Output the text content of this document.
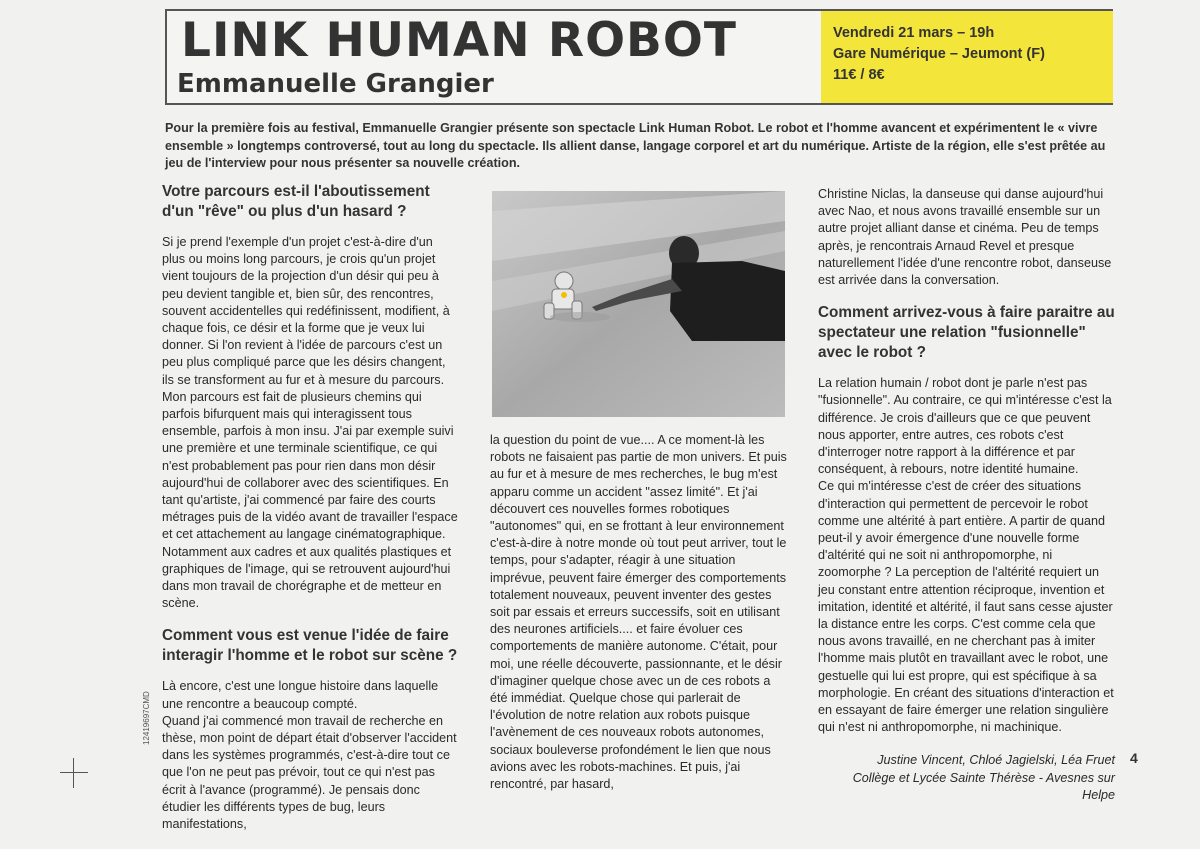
LINK HUMAN ROBOT
Emmanuelle Grangier
Vendredi 21 mars – 19h
Gare Numérique – Jeumont (F)
11€ / 8€
Pour la première fois au festival, Emmanuelle Grangier présente son spectacle Link Human Robot. Le robot et l'homme avancent et expérimentent le « vivre ensemble » longtemps controversé, tout au long du spectacle. Ils allient danse, langage corporel et art du numérique. Artiste de la région, elle s'est prêtée au jeu de l'interview pour nous présenter sa nouvelle création.
Votre parcours est-il l'aboutissement d'un "rêve" ou plus d'un hasard ?

Si je prend l'exemple d'un projet c'est-à-dire d'un plus ou moins long parcours, je crois qu'un projet vient toujours de la projection d'un désir qui peu à peu devient tangible et, bien sûr, des rencontres, souvent accidentelles qui redéfinissent, modifient, à chaque fois, ce désir et la forme que je veux lui donner. Si l'on revient à l'idée de parcours c'est un peu plus compliqué parce que les désirs changent, ils se transforment au fur et à mesure du parcours. Mon parcours est fait de plusieurs chemins qui parfois bifurquent mais qui interagissent tous ensemble, parfois à mon insu. J'ai par exemple suivi une première et une terminale scientifique, ce qui n'est probablement pas pour rien dans mon désir aujourd'hui de collaborer avec des scientifiques. En tant qu'artiste, j'ai commencé par faire des courts métrages puis de la vidéo avant de travailler l'espace et cet attachement au langage cinématographique. Notamment aux cadres et aux qualités plastiques et graphiques de l'image, qui se retrouvent aujourd'hui dans mon travail de chorégraphe et de metteur en scène.

Comment vous est venue l'idée de faire interagir l'homme et le robot sur scène ?

Là encore, c'est une longue histoire dans laquelle une rencontre a beaucoup compté.

Quand j'ai commencé mon travail de recherche en thèse, mon point de départ était d'observer l'accident dans les systèmes programmés, c'est-à-dire tout ce que l'on ne peut pas prévoir, tout ce qui n'est pas écrit à l'avance (programmé). Je pensais donc étudier les différents types de bug, leurs manifestations,

la question du point de vue.... A ce moment-là les robots ne faisaient pas partie de mon univers. Et puis au fur et à mesure de mes recherches, le bug m'est apparu comme un accident "assez limité". Et j'ai découvert ces nouvelles formes robotiques "autonomes" qui, en se frottant à leur environnement c'est-à-dire à notre monde où tout peut arriver, tout le temps, pour s'adapter, réagir à une situation imprévue, peuvent faire émerger des comportements totalement nouveaux, peuvent inventer des gestes soit par essais et erreurs successifs, soit en utilisant des neurones artificiels.... et faire évoluer ces comportements de manière autonome. C'était, pour moi, une réelle découverte, passionnante, et le désir d'imaginer quelque chose avec un de ces robots a été immédiat. Quelque chose qui parlerait de l'évolution de notre relation aux robots puisque l'avènement de ces nouveaux robots autonomes, sociaux bouleverse profondément le lien que nous avions avec les robots-machines. Et puis, j'ai rencontré, par hasard,

Christine Niclas, la danseuse qui danse aujourd'hui avec Nao, et nous avons travaillé ensemble sur un autre projet alliant danse et cinéma. Peu de temps après, je rencontrais Arnaud Revel et presque naturellement l'idée d'une rencontre robot, danseuse est arrivée dans la conversation.

Comment arrivez-vous à faire paraitre au spectateur une relation "fusionnelle" avec le robot ?

La relation humain / robot dont je parle n'est pas "fusionnelle". Au contraire, ce qui m'intéresse c'est la différence. Je crois d'ailleurs que ce que peuvent nous apporter, entre autres, ces robots c'est d'interroger notre rapport à la différence et par conséquent, à rebours, notre identité humaine.

Ce qui m'intéresse c'est de créer des situations d'interaction qui permettent de percevoir le robot comme une altérité à part entière. A partir de quand peut-il y avoir émergence d'une nouvelle forme d'altérité qui ne soit ni anthropomorphe, ni zoomorphe ? La perception de l'altérité requiert un jeu constant entre attention réciproque, invention et imitation, identité et altérité, il faut sans cesse ajuster la distance entre les corps. C'est comme cela que nous avons travaillé, en ne cherchant pas à imiter l'homme mais plutôt en travaillant avec le robot, une gestuelle qui lui est propre, qui est spécifique à sa morphologie. En créant des situations d'interaction et en essayant de faire émerger une relation singulière qui n'est ni anthropomorphe, ni machinique.

Justine Vincent, Chloé Jagielski, Léa Fruet
Collège et Lycée Sainte Thérèse - Avesnes sur Helpe
4
12419697CMD
